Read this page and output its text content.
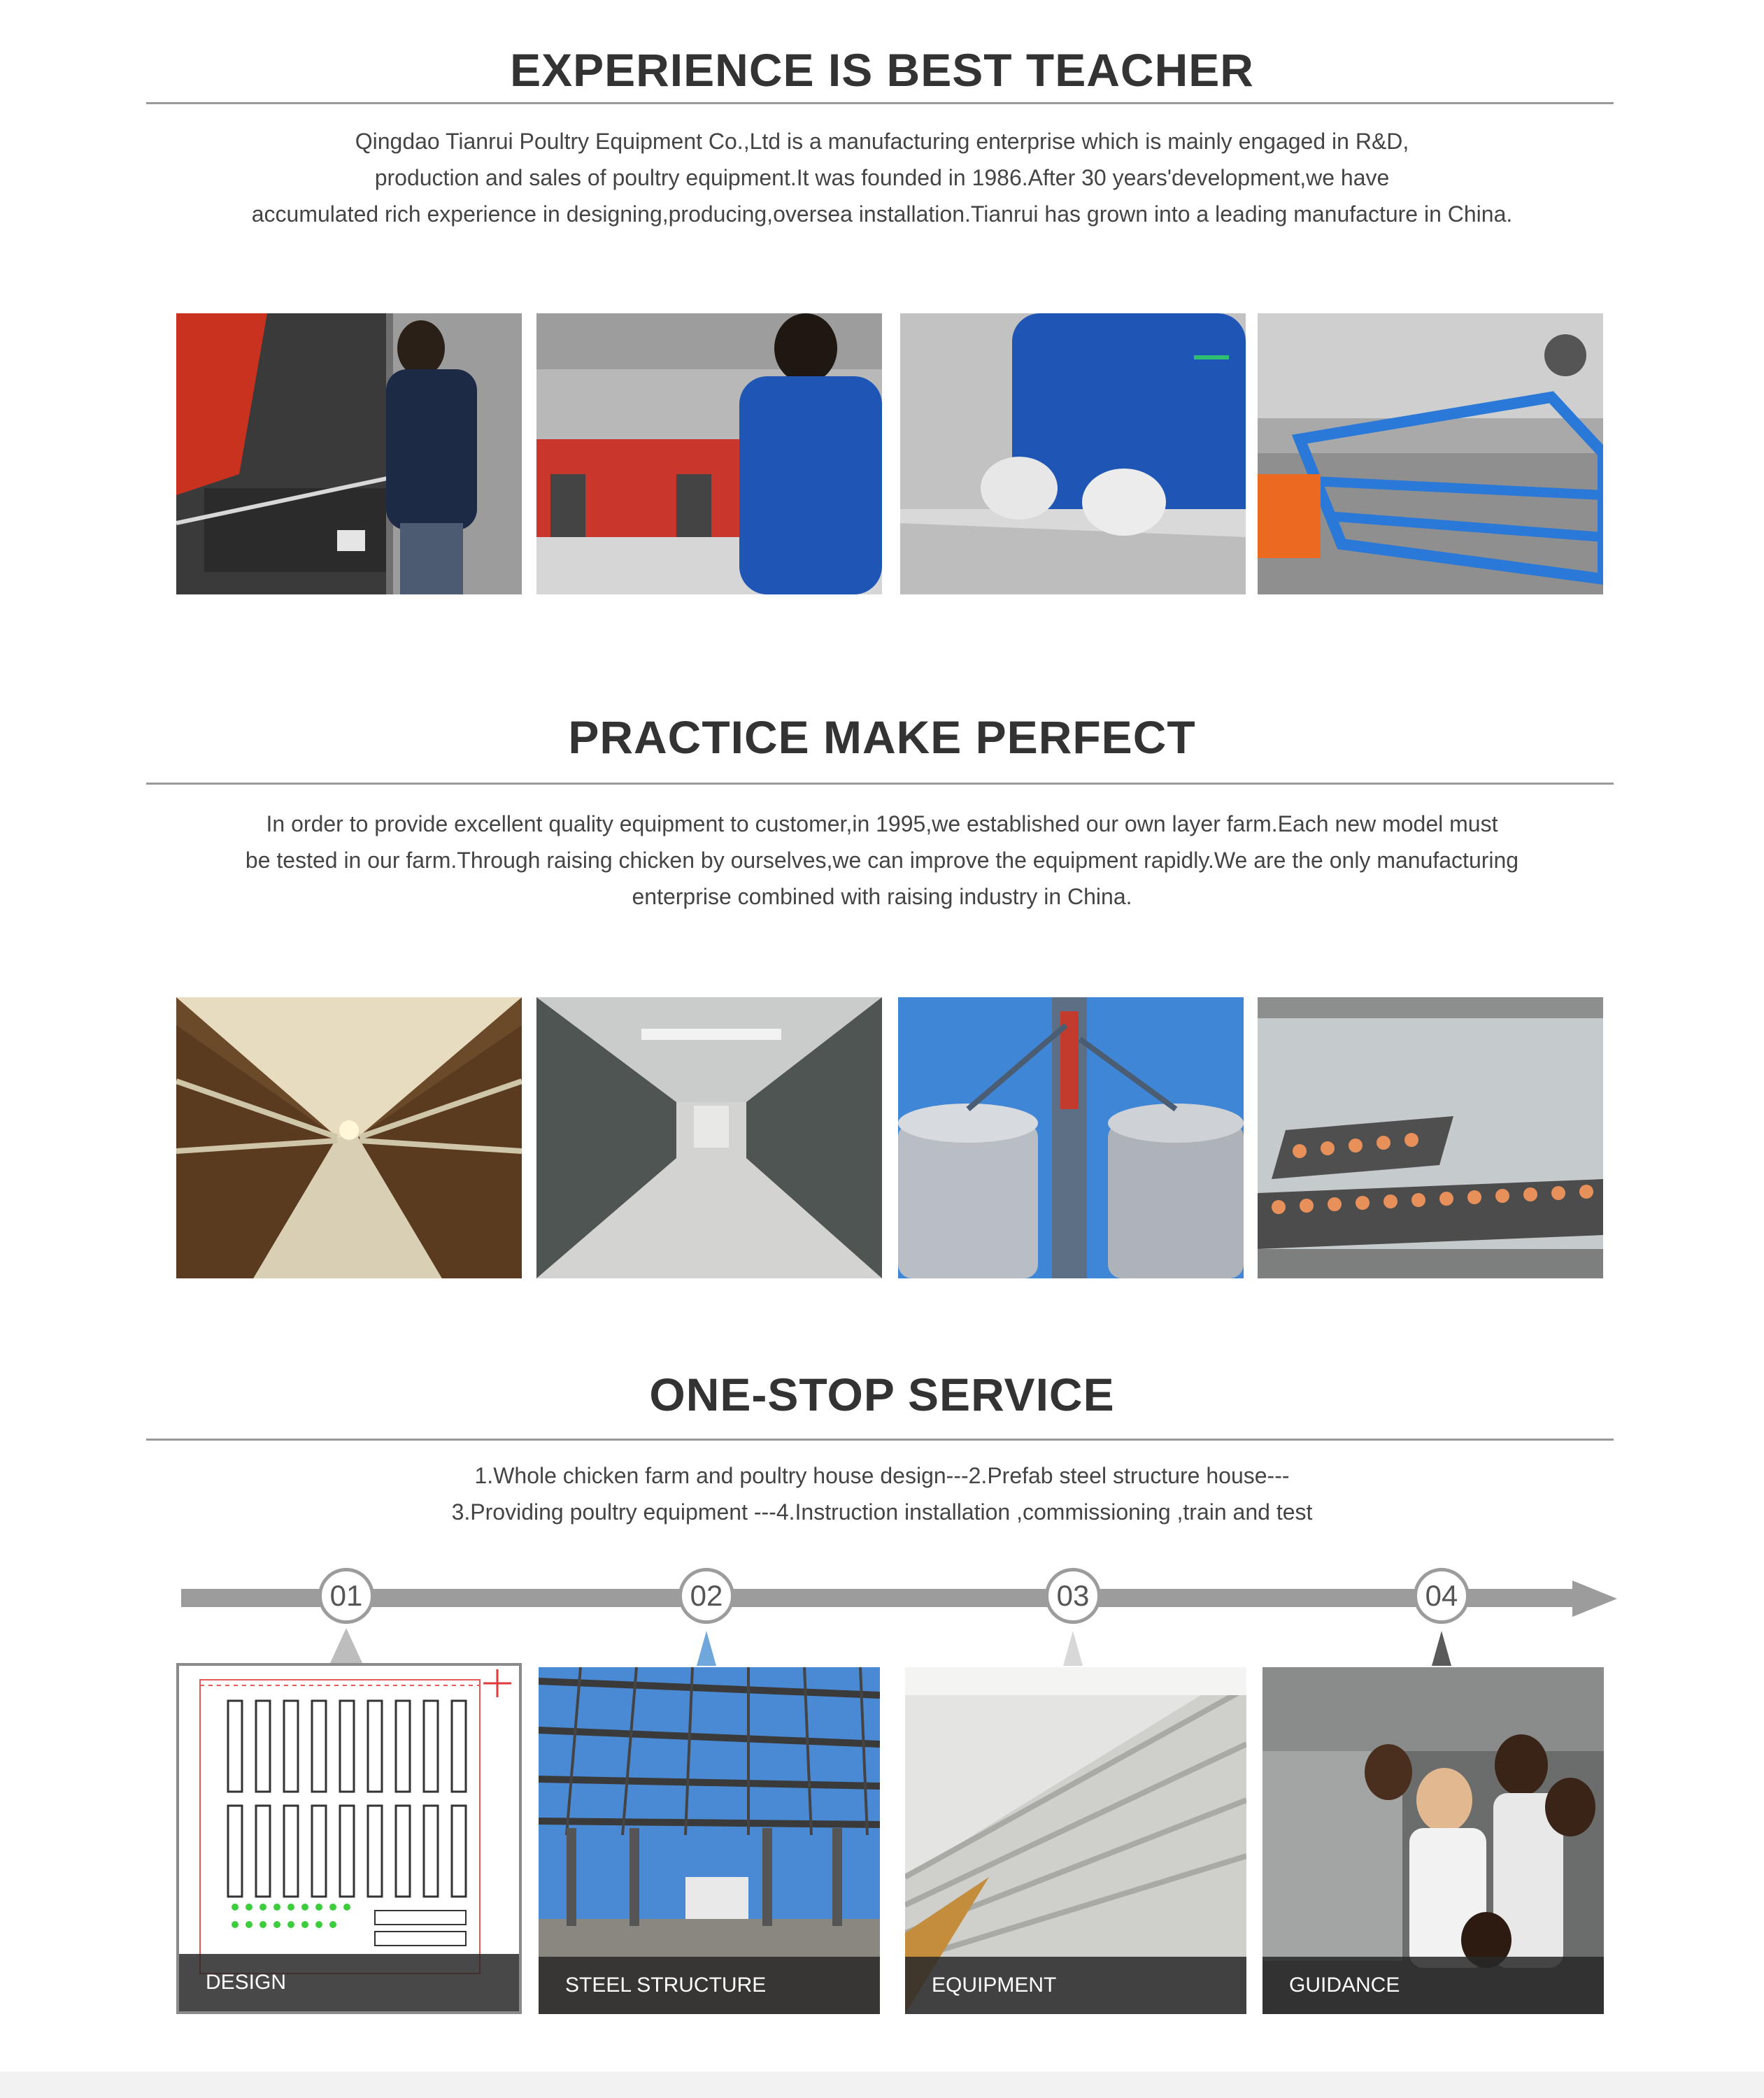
EXPERIENCE IS BEST TEACHER
Qingdao Tianrui Poultry Equipment Co.,Ltd is a manufacturing enterprise which is mainly engaged in R&D,
production and sales of poultry equipment.It was founded in 1986.After 30 years'development,we have
accumulated rich experience in designing,producing,oversea installation.Tianrui has grown into a leading manufacture in China.
PRACTICE MAKE PERFECT
In order to provide excellent quality equipment to customer,in 1995,we established our own layer farm.Each new model must
be tested in our farm.Through raising chicken by ourselves,we can improve the equipment rapidly.We are the only manufacturing
enterprise combined with raising industry in China.
ONE-STOP SERVICE
1.Whole chicken farm and poultry house design---2.Prefab steel structure house---
3.Providing poultry equipment ---4.Instruction installation ,commissioning ,train and test
01	02	03	04
DESIGN	STEEL STRUCTURE	EQUIPMENT	GUIDANCE
